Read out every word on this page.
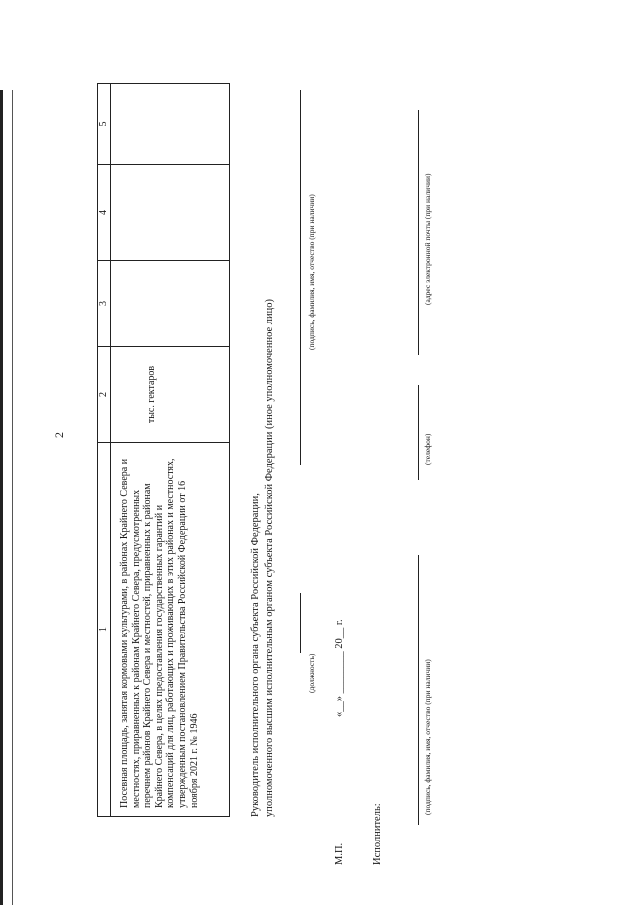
2
1	2	3	4	5
Посевная площадь, занятая кормовыми культурами, в районах Крайнего Севера и местностях, приравненных к районам Крайнего Севера, предусмотренных перечнем районов Крайнего Севера и местностей, приравненных к районам Крайнего Севера, в целях предоставления государственных гарантий и компенсаций для лиц, работающих и проживающих в этих районах и местностях, утвержденным постановлением Правительства Российской Федерации от 16 ноября 2021 г. № 1946	тыс. гектаров			
Руководитель исполнительного органа субъекта Российской Федерации, уполномоченного высшим исполнительным органом субъекта Российской Федерации (иное уполномоченное лицо)	(должность)
(подпись, фамилия, имя, отчество (при наличии)
М.П.
«__» ________ 20__ г.
Исполнитель:
(подпись, фамилия, имя, отчество (при наличии)
(телефон)
(адрес электронной почты (при наличии)
